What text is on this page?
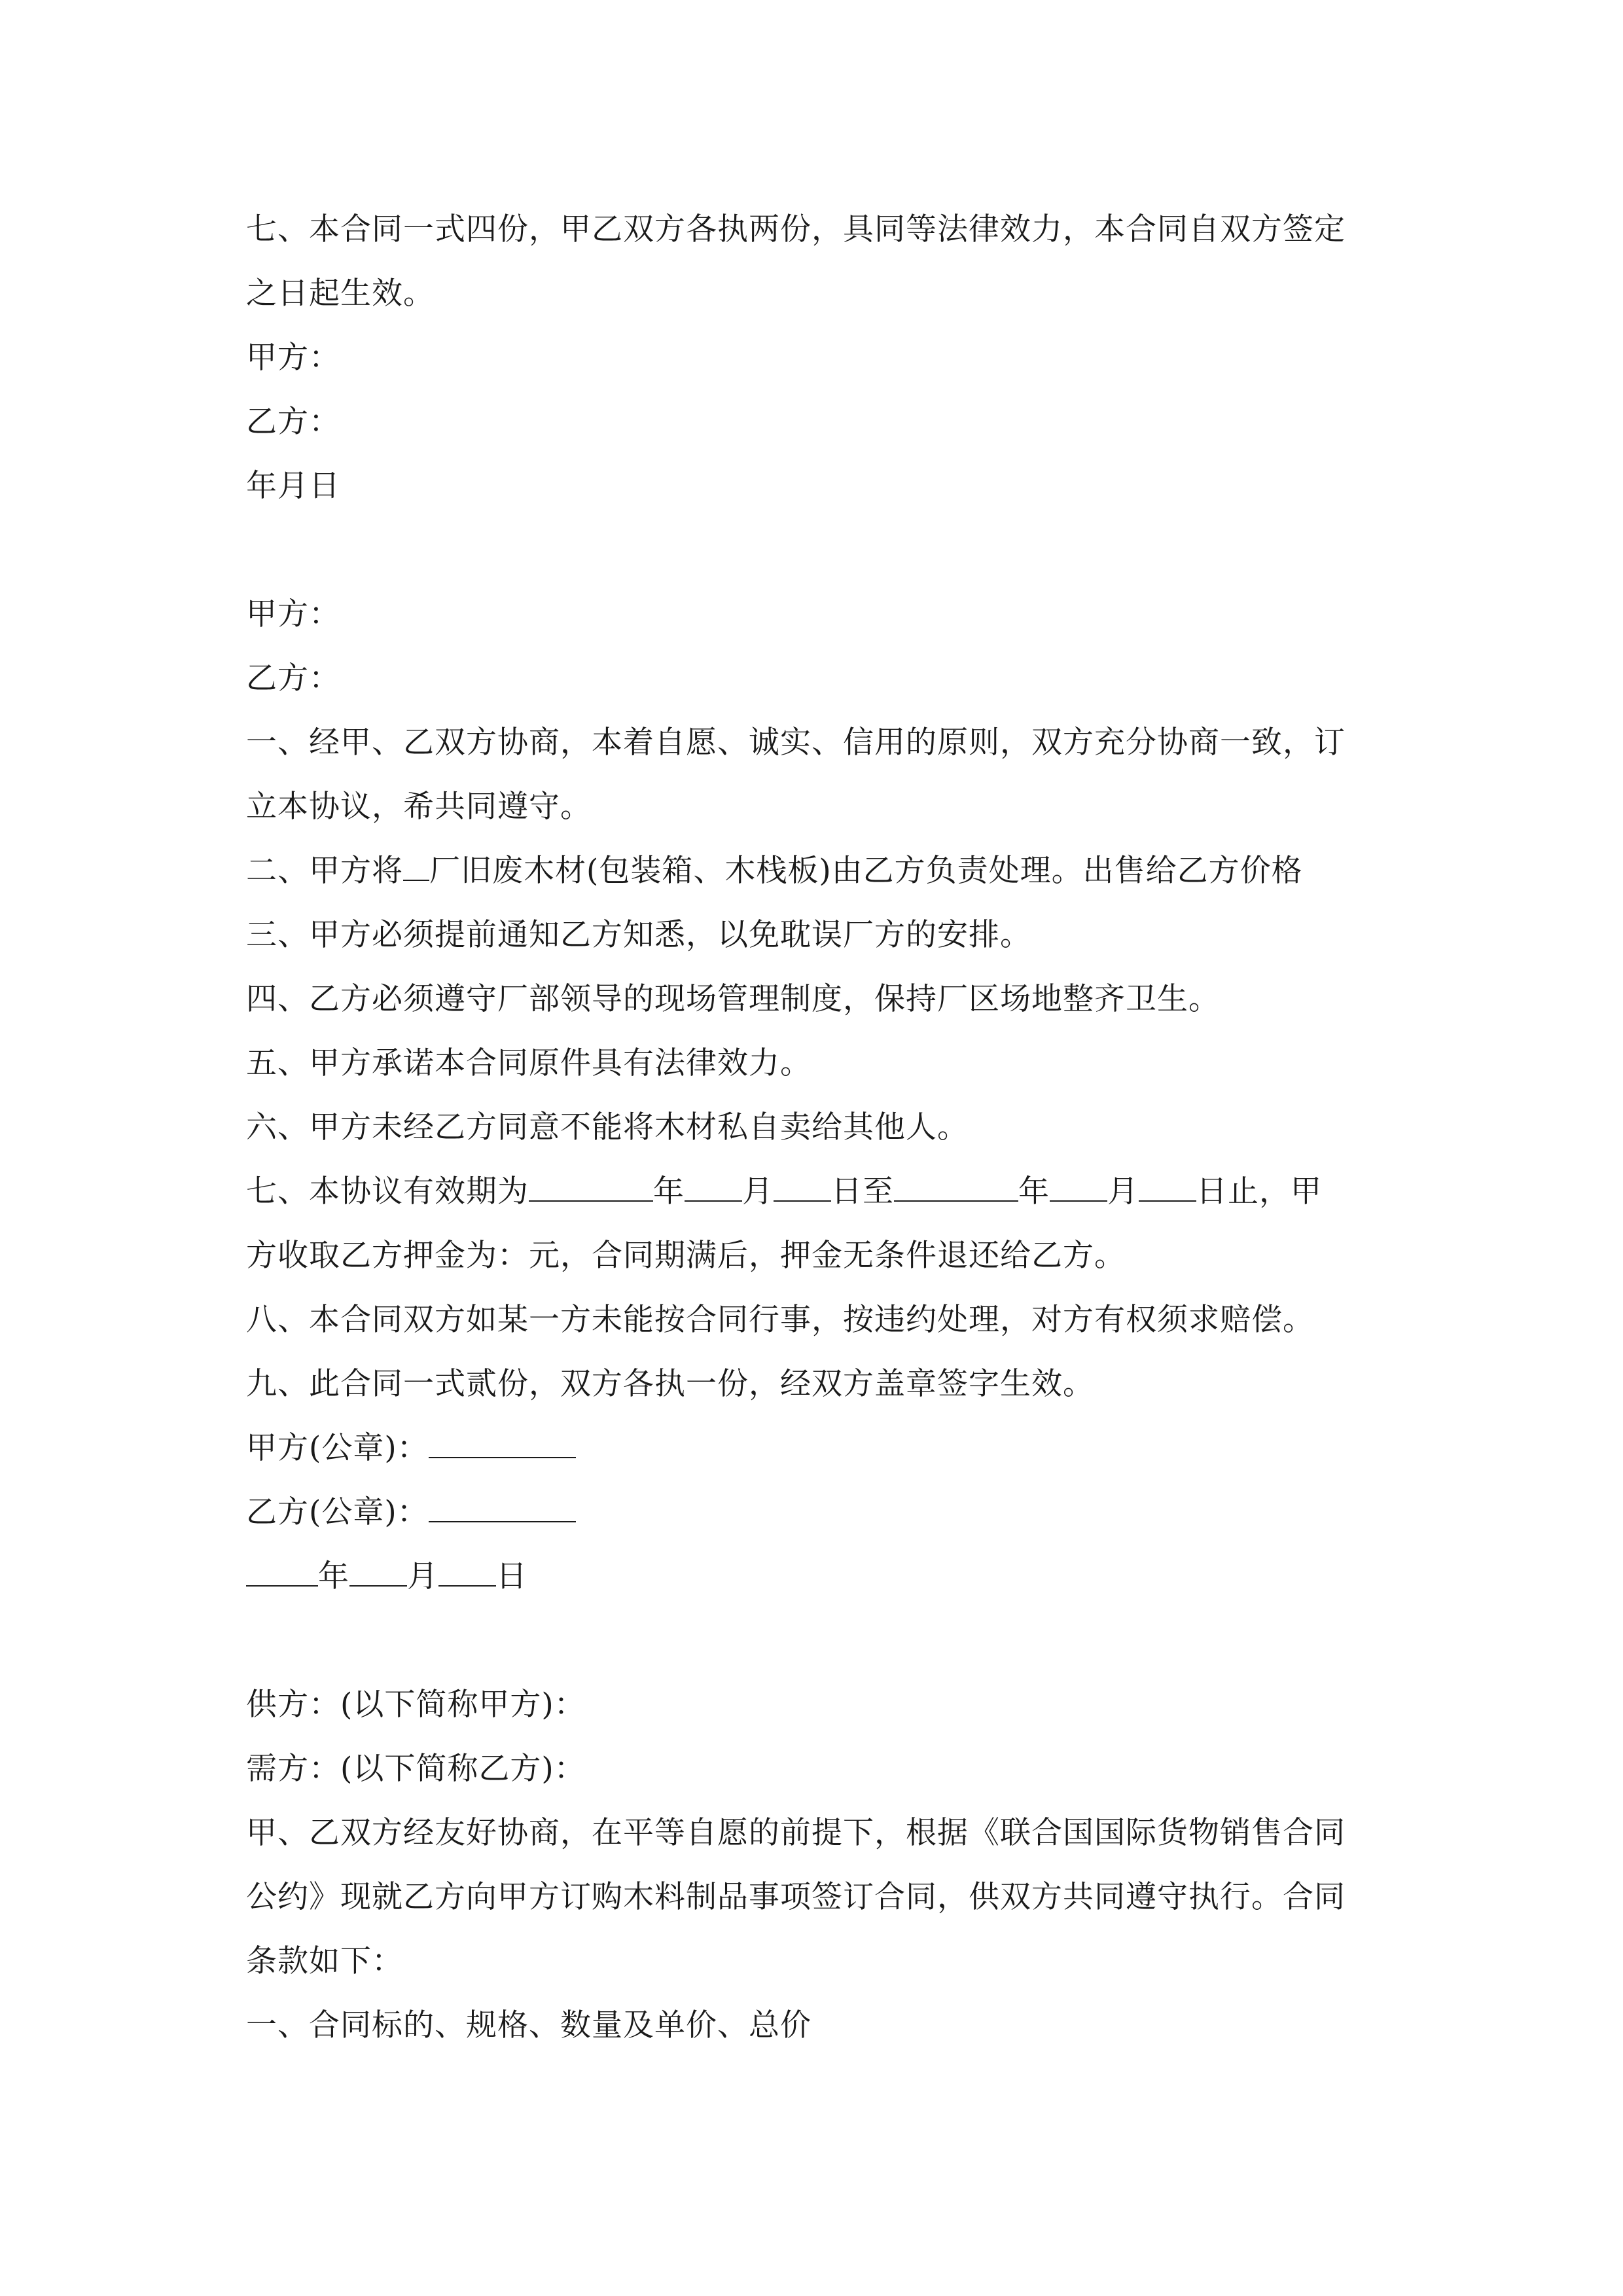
七、本合同一式四份，甲乙双方各执两份，具同等法律效力，本合同自双方签定
之日起生效。
甲方：
乙方：
年月日
甲方：
乙方：
一、经甲、乙双方协商，本着自愿、诚实、信用的原则，双方充分协商一致，订
立本协议，希共同遵守。
二、甲方将 厂旧废木材(包装箱、木栈板)由乙方负责处理。出售给乙方价格
三、甲方必须提前通知乙方知悉，以免耽误厂方的安排。
四、乙方必须遵守厂部领导的现场管理制度，保持厂区场地整齐卫生。
五、甲方承诺本合同原件具有法律效力。
六、甲方未经乙方同意不能将木材私自卖给其他人。
七、本协议有效期为	年 月 日至	年 月 日止，甲
方收取乙方押金为：元，合同期满后，押金无条件退还给乙方。
八、本合同双方如某一方未能按合同行事，按违约处理，对方有权须求赔偿。
九、此合同一式贰份，双方各执一份，经双方盖章签字生效。
甲方(公章)：
乙方(公章)：
年 月 日
供方：(以下简称甲方)：
需方：(以下简称乙方)：
甲、乙双方经友好协商，在平等自愿的前提下，根据《联合国国际货物销售合同
公约》现就乙方向甲方订购木料制品事项签订合同，供双方共同遵守执行。合同
条款如下：
一、合同标的、规格、数量及单价、总价
